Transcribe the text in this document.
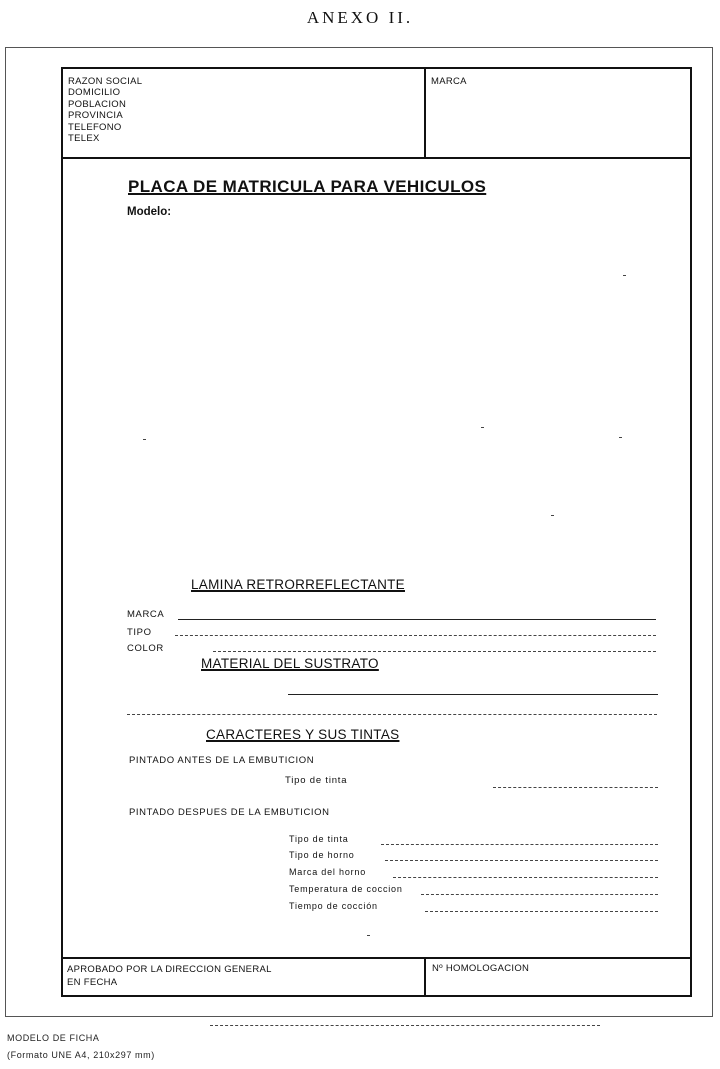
ANEXO II.
RAZON SOCIAL
DOMICILIO
POBLACION
PROVINCIA
TELEFONO
TELEX
MARCA
PLACA DE MATRICULA PARA VEHICULOS
Modelo:
LAMINA RETRORREFLECTANTE
MARCA
TIPO
COLOR
MATERIAL DEL SUSTRATO
CARACTERES Y SUS TINTAS
PINTADO ANTES DE LA EMBUTICION
Tipo de tinta
PINTADO DESPUES DE LA EMBUTICION
Tipo de tinta
Tipo de horno
Marca del horno
Temperatura de coccion
Tiempo de cocción
APROBADO POR LA DIRECCION GENERAL
EN FECHA
Nº HOMOLOGACION
MODELO DE FICHA
(Formato UNE A4, 210x297 mm)
